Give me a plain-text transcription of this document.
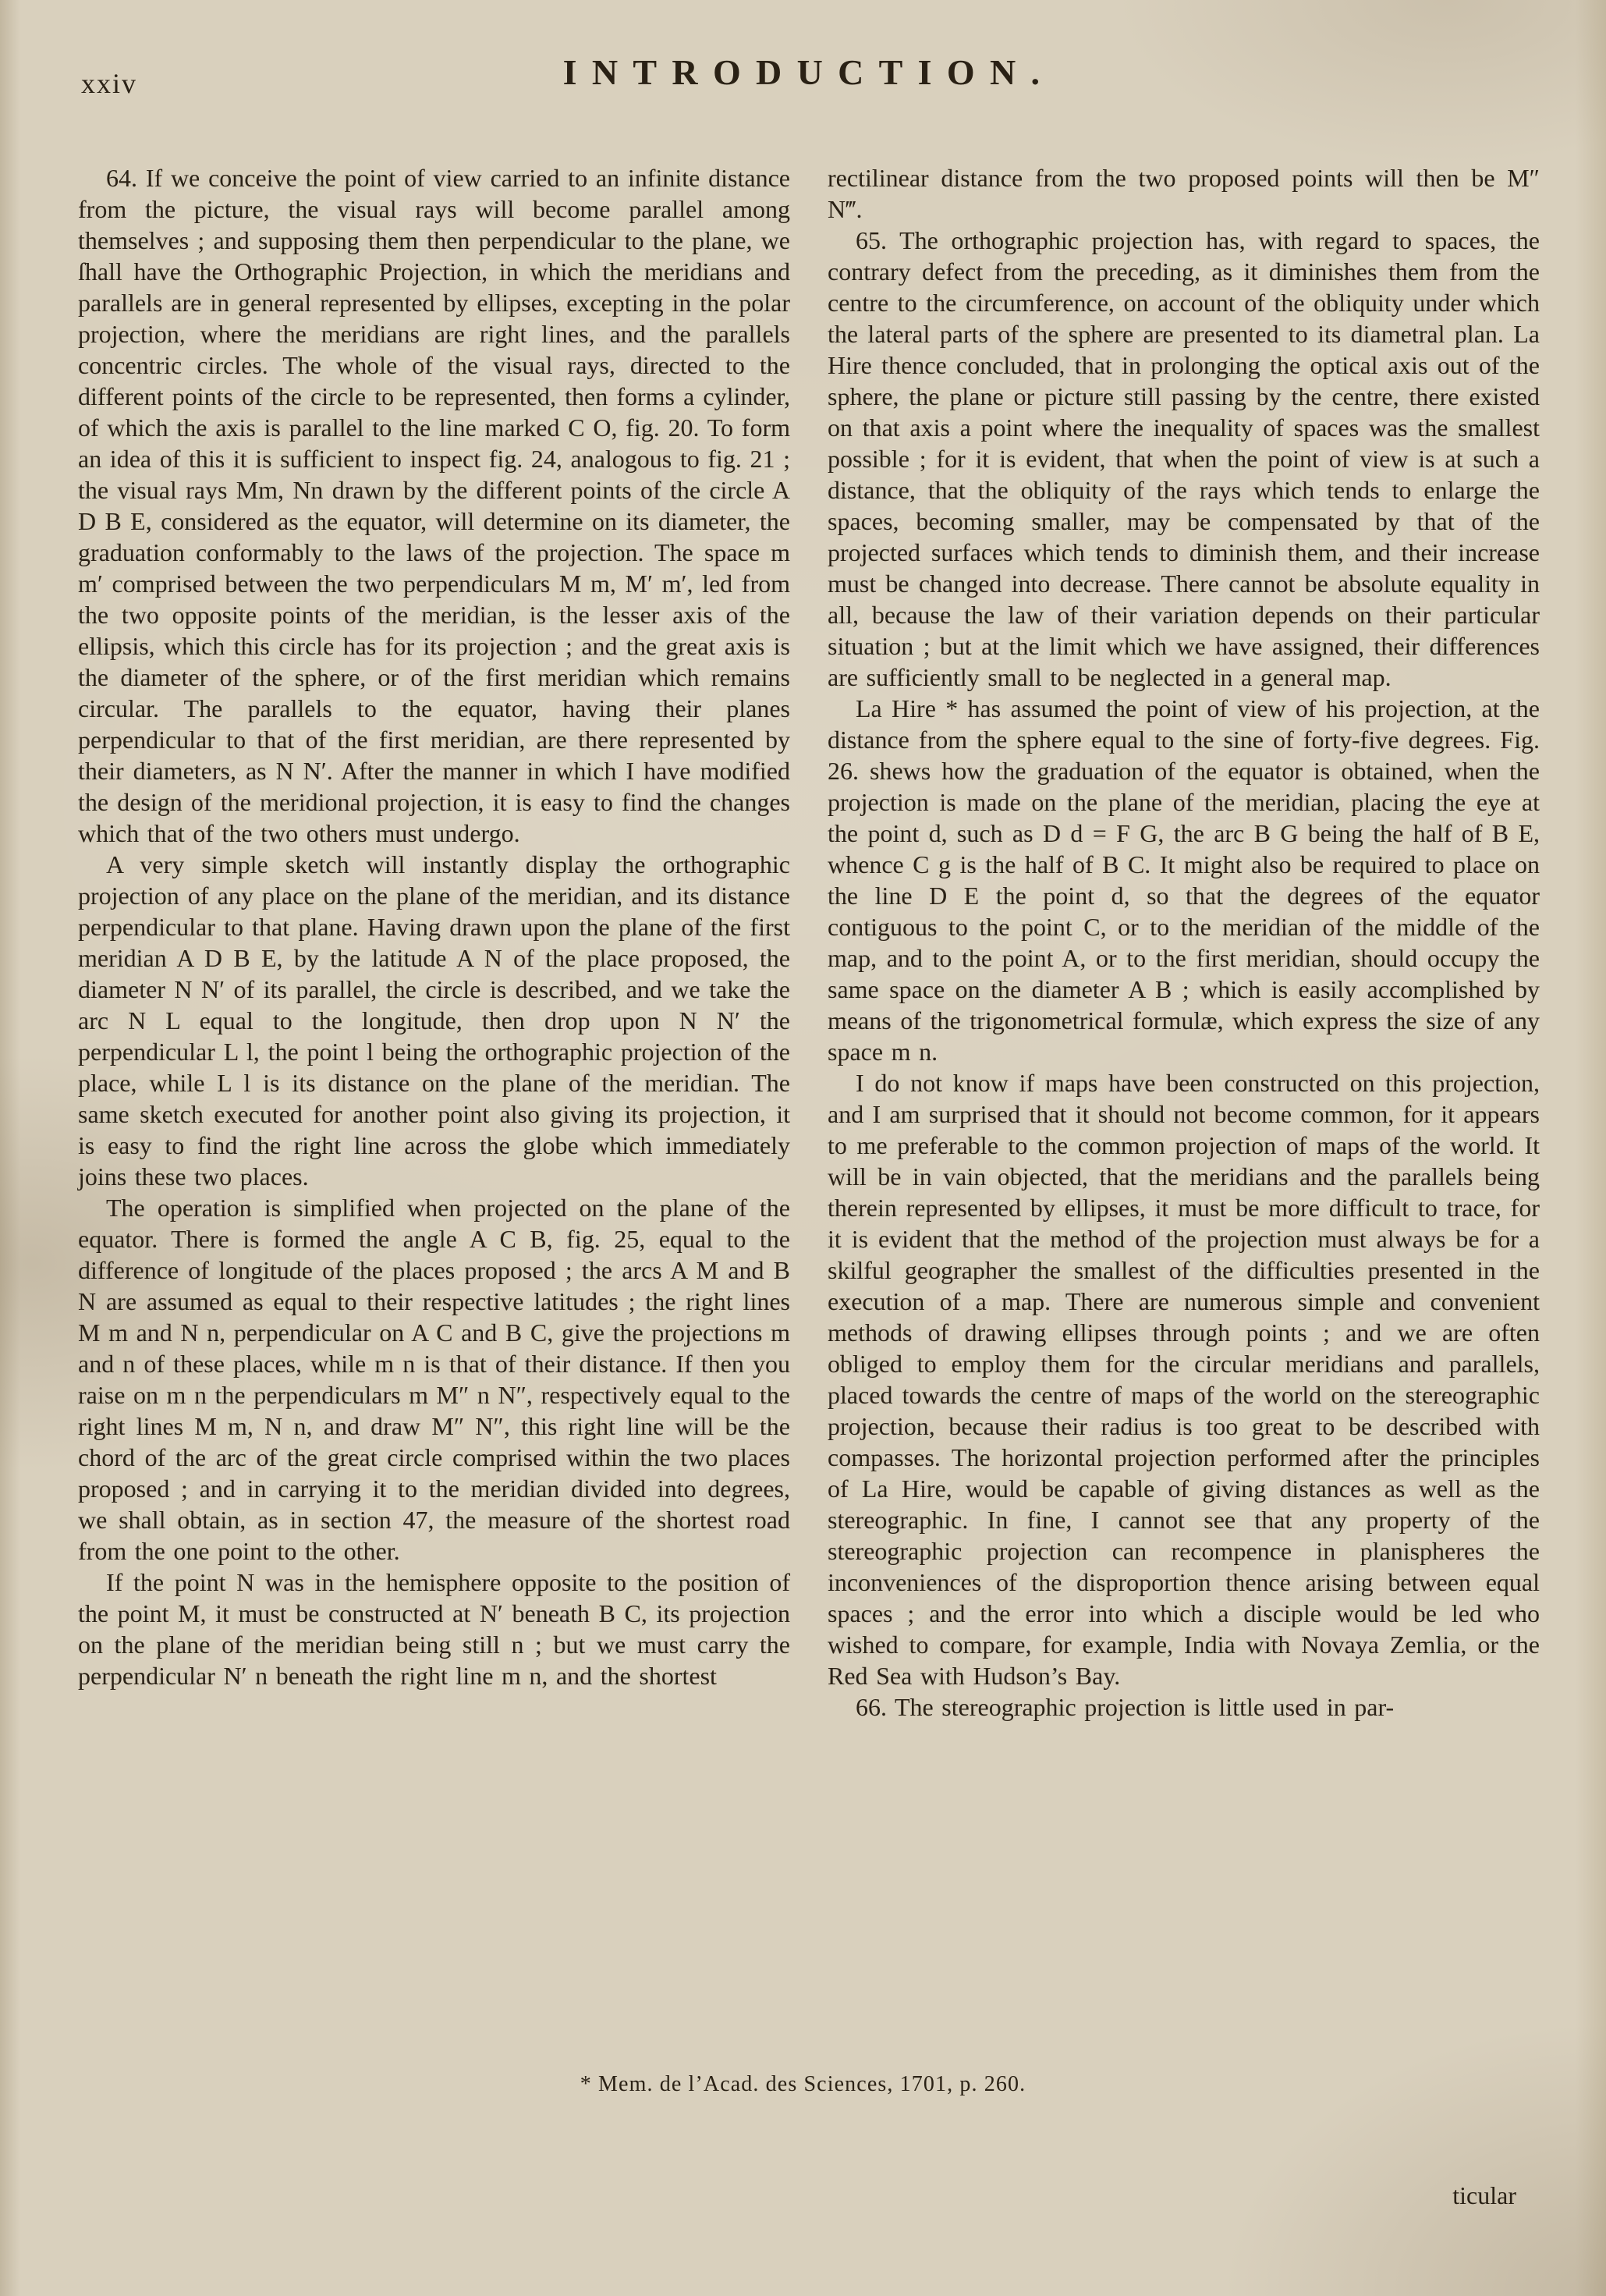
xxiv	INTRODUCTION.

64. If we conceive the point of view carried to an infinite distance from the picture, the visual rays will become parallel among themselves ; and supposing them then perpendicular to the plane, we ſhall have the Orthographic Projection, in which the meridians and parallels are in general represented by ellipses, excepting in the polar projection, where the meridians are right lines, and the parallels concentric circles. The whole of the visual rays, directed to the different points of the circle to be represented, then forms a cylinder, of which the axis is parallel to the line marked C O, fig. 20. To form an idea of this it is sufficient to inspect fig. 24, analogous to fig. 21 ; the visual rays Mm, Nn drawn by the different points of the circle A D B E, considered as the equator, will determine on its diameter, the graduation conformably to the laws of the projection. The space m m′ comprised between the two perpendiculars M m, M′ m′, led from the two opposite points of the meridian, is the lesser axis of the ellipsis, which this circle has for its projection ; and the great axis is the diameter of the sphere, or of the first meridian which remains circular. The parallels to the equator, having their planes perpendicular to that of the first meridian, are there represented by their diameters, as N N′. After the manner in which I have modified the design of the meridional projection, it is easy to find the changes which that of the two others must undergo.

A very simple sketch will instantly display the orthographic projection of any place on the plane of the meridian, and its distance perpendicular to that plane. Having drawn upon the plane of the first meridian A D B E, by the latitude A N of the place proposed, the diameter N N′ of its parallel, the circle is described, and we take the arc N L equal to the longitude, then drop upon N N′ the perpendicular L l, the point l being the orthographic projection of the place, while L l is its distance on the plane of the meridian. The same sketch executed for another point also giving its projection, it is easy to find the right line across the globe which immediately joins these two places.

The operation is simplified when projected on the plane of the equator. There is formed the angle A C B, fig. 25, equal to the difference of longitude of the places proposed ; the arcs A M and B N are assumed as equal to their respective latitudes ; the right lines M m and N n, perpendicular on A C and B C, give the projections m and n of these places, while m n is that of their distance. If then you raise on m n the perpendiculars m M″ n N″, respectively equal to the right lines M m, N n, and draw M″ N″, this right line will be the chord of the arc of the great circle comprised within the two places proposed ; and in carrying it to the meridian divided into degrees, we shall obtain, as in section 47, the measure of the shortest road from the one point to the other.

If the point N was in the hemisphere opposite to the position of the point M, it must be constructed at N′ beneath B C, its projection on the plane of the meridian being still n ; but we must carry the perpendicular N′ n beneath the right line m n, and the shortest

rectilinear distance from the two proposed points will then be M″ N‴.

65. The orthographic projection has, with regard to spaces, the contrary defect from the preceding, as it diminishes them from the centre to the circumference, on account of the obliquity under which the lateral parts of the sphere are presented to its diametral plan. La Hire thence concluded, that in prolonging the optical axis out of the sphere, the plane or picture still passing by the centre, there existed on that axis a point where the inequality of spaces was the smallest possible ; for it is evident, that when the point of view is at such a distance, that the obliquity of the rays which tends to enlarge the spaces, becoming smaller, may be compensated by that of the projected surfaces which tends to diminish them, and their increase must be changed into decrease. There cannot be absolute equality in all, because the law of their variation depends on their particular situation ; but at the limit which we have assigned, their differences are sufficiently small to be neglected in a general map.

La Hire * has assumed the point of view of his projection, at the distance from the sphere equal to the sine of forty-five degrees. Fig. 26. shews how the graduation of the equator is obtained, when the projection is made on the plane of the meridian, placing the eye at the point d, such as D d = F G, the arc B G being the half of B E, whence C g is the half of B C. It might also be required to place on the line D E the point d, so that the degrees of the equator contiguous to the point C, or to the meridian of the middle of the map, and to the point A, or to the first meridian, should occupy the same space on the diameter A B ; which is easily accomplished by means of the trigonometrical formulæ, which express the size of any space m n.

I do not know if maps have been constructed on this projection, and I am surprised that it should not become common, for it appears to me preferable to the common projection of maps of the world. It will be in vain objected, that the meridians and the parallels being therein represented by ellipses, it must be more difficult to trace, for it is evident that the method of the projection must always be for a skilful geographer the smallest of the difficulties presented in the execution of a map. There are numerous simple and convenient methods of drawing ellipses through points ; and we are often obliged to employ them for the circular meridians and parallels, placed towards the centre of maps of the world on the stereographic projection, because their radius is too great to be described with compasses. The horizontal projection performed after the principles of La Hire, would be capable of giving distances as well as the stereographic. In fine, I cannot see that any property of the stereographic projection can recompence in planispheres the inconveniences of the disproportion thence arising between equal spaces ; and the error into which a disciple would be led who wished to compare, for example, India with Novaya Zemlia, or the Red Sea with Hudson’s Bay.

66. The stereographic projection is little used in par-

* Mem. de l’Acad. des Sciences, 1701, p. 260.
ticular
